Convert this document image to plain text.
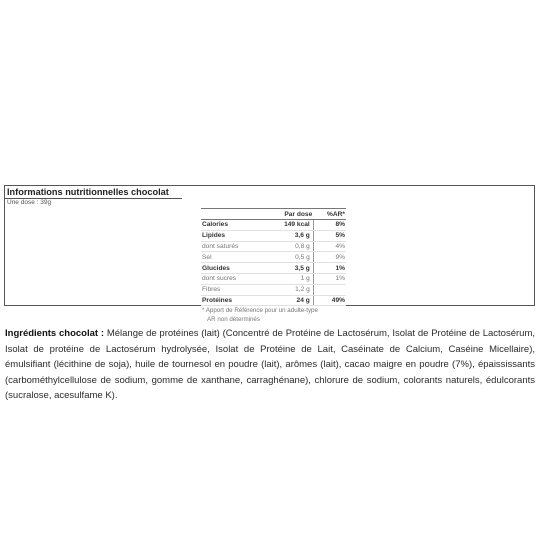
Informations nutritionnelles chocolat
Une dose : 39g
	Par dose	%AR*
Calories	149 kcal	8%
Lipides	3,6 g	5%
dont saturés	0,8 g	4%
Sel	0,5 g	9%
Glucides	3,5 g	1%
dont sucres	1 g	1%
Fibres	1,2 g	
Protéines	24 g	49%
* Apport de Référence pour un adulte-type		
AR non déterminés		
Ingrédients chocolat : Mélange de protéines (lait) (Concentré de Protéine de Lactosérum, Isolat de Protéine de Lactosérum, Isolat de protéine de Lactosérum hydrolysée, Isolat de Protéine de Lait, Caséinate de Calcium, Caséine Micellaire), émulsifiant (lécithine de soja), huile de tournesol en poudre (lait), arômes (lait), cacao maigre en poudre (7%), épaississants (carbométhylcellulose de sodium, gomme de xanthane, carraghénane), chlorure de sodium, colorants naturels, édulcorants (sucralose, acesulfame K).
